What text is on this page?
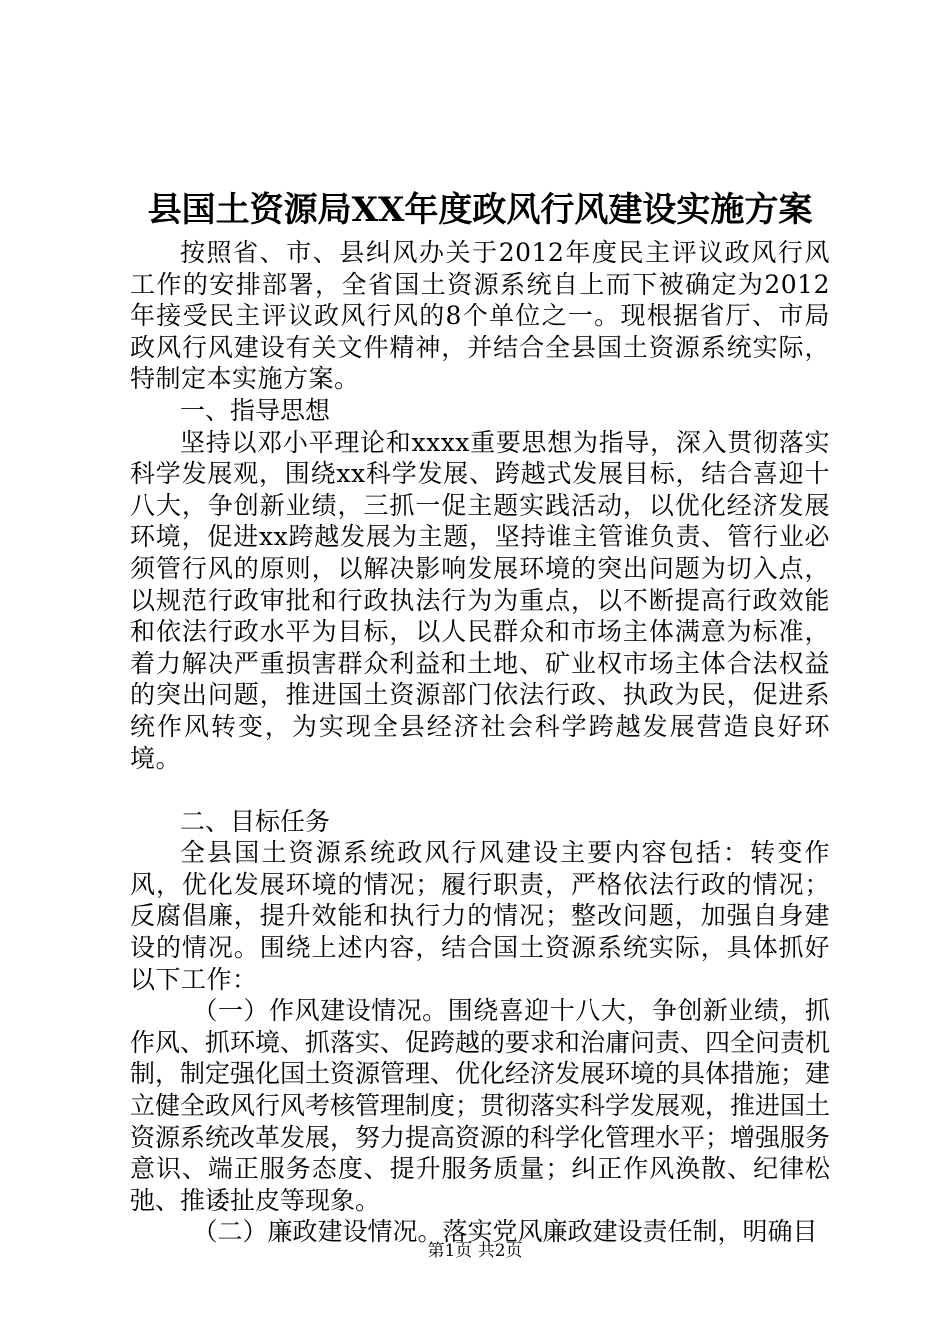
县国土资源局XX年度政风行风建设实施方案

按照省、市、县纠风办关于2012年度民主评议政风行风工作的安排部署，全省国土资源系统自上而下被确定为2012年接受民主评议政风行风的8个单位之一。现根据省厅、市局政风行风建设有关文件精神，并结合全县国土资源系统实际，特制定本实施方案。

一、指导思想

坚持以邓小平理论和xxxx重要思想为指导，深入贯彻落实科学发展观，围绕xx科学发展、跨越式发展目标，结合喜迎十八大，争创新业绩，三抓一促主题实践活动，以优化经济发展环境，促进xx跨越发展为主题，坚持谁主管谁负责、管行业必须管行风的原则，以解决影响发展环境的突出问题为切入点，以规范行政审批和行政执法行为为重点，以不断提高行政效能和依法行政水平为目标，以人民群众和市场主体满意为标准，着力解决严重损害群众利益和土地、矿业权市场主体合法权益的突出问题，推进国土资源部门依法行政、执政为民，促进系统作风转变，为实现全县经济社会科学跨越发展营造良好环境。

二、目标任务

全县国土资源系统政风行风建设主要内容包括：转变作风，优化发展环境的情况；履行职责，严格依法行政的情况；反腐倡廉，提升效能和执行力的情况；整改问题，加强自身建设的情况。围绕上述内容，结合国土资源系统实际，具体抓好以下工作：

（一）作风建设情况。围绕喜迎十八大，争创新业绩，抓作风、抓环境、抓落实、促跨越的要求和治庸问责、四全问责机制，制定强化国土资源管理、优化经济发展环境的具体措施；建立健全政风行风考核管理制度；贯彻落实科学发展观，推进国土资源系统改革发展，努力提高资源的科学化管理水平；增强服务意识、端正服务态度、提升服务质量；纠正作风涣散、纪律松弛、推诿扯皮等现象。

（二）廉政建设情况。落实党风廉政建设责任制，明确目

第1页 共2页
